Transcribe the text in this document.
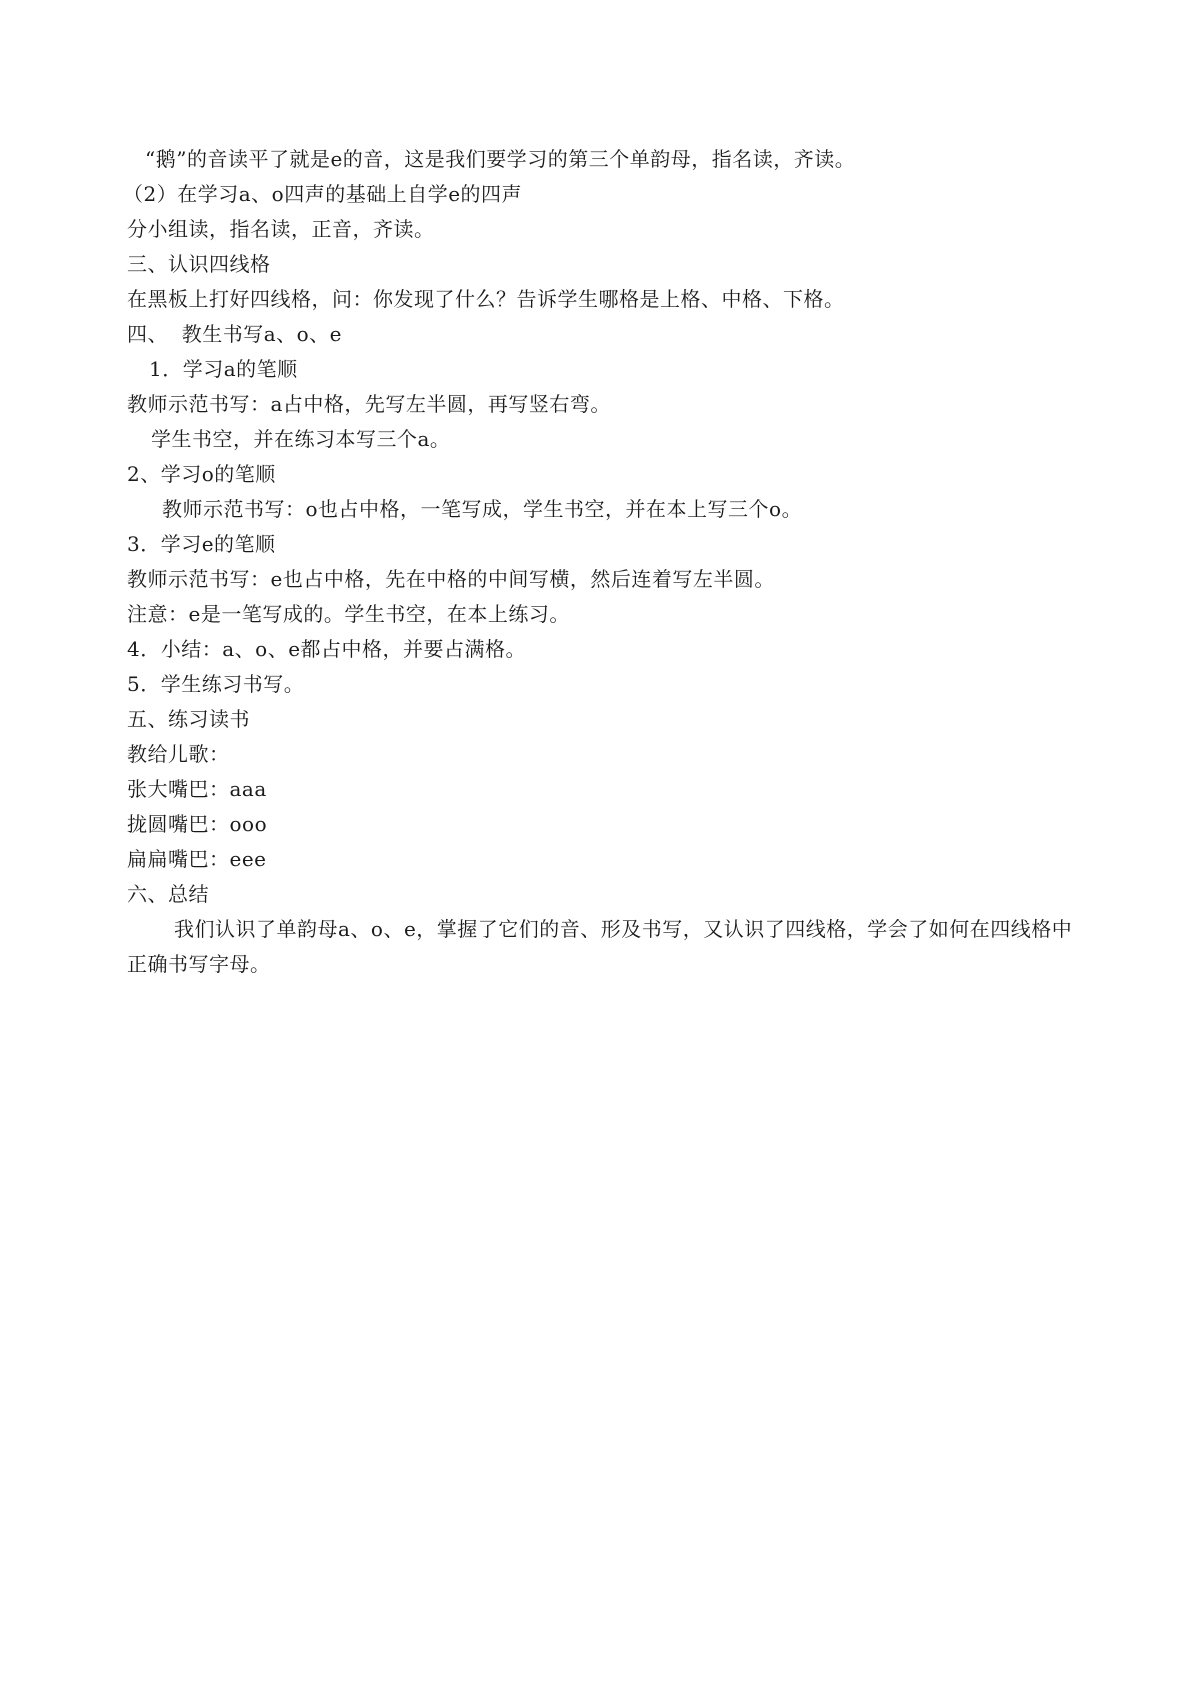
“鹅”的音读平了就是e的音，这是我们要学习的第三个单韵母，指名读，齐读。
（2）在学习a、o四声的基础上自学e的四声
分小组读，指名读，正音，齐读。
三、认识四线格
在黑板上打好四线格，问：你发现了什么？告诉学生哪格是上格、中格、下格。
四、  教生书写a、o、e
1．学习a的笔顺
教师示范书写：a占中格，先写左半圆，再写竖右弯。
学生书空，并在练习本写三个a。
2、学习o的笔顺
教师示范书写：o也占中格，一笔写成，学生书空，并在本上写三个o。
3．学习e的笔顺
教师示范书写：e也占中格，先在中格的中间写横，然后连着写左半圆。
注意：e是一笔写成的。学生书空，在本上练习。
4．小结：a、o、e都占中格，并要占满格。
5．学生练习书写。
五、练习读书
教给儿歌：
张大嘴巴：aaa
拢圆嘴巴：ooo
扁扁嘴巴：eee
六、总结
我们认识了单韵母a、o、e，掌握了它们的音、形及书写，又认识了四线格，学会了如何在四线格中正确书写字母。
